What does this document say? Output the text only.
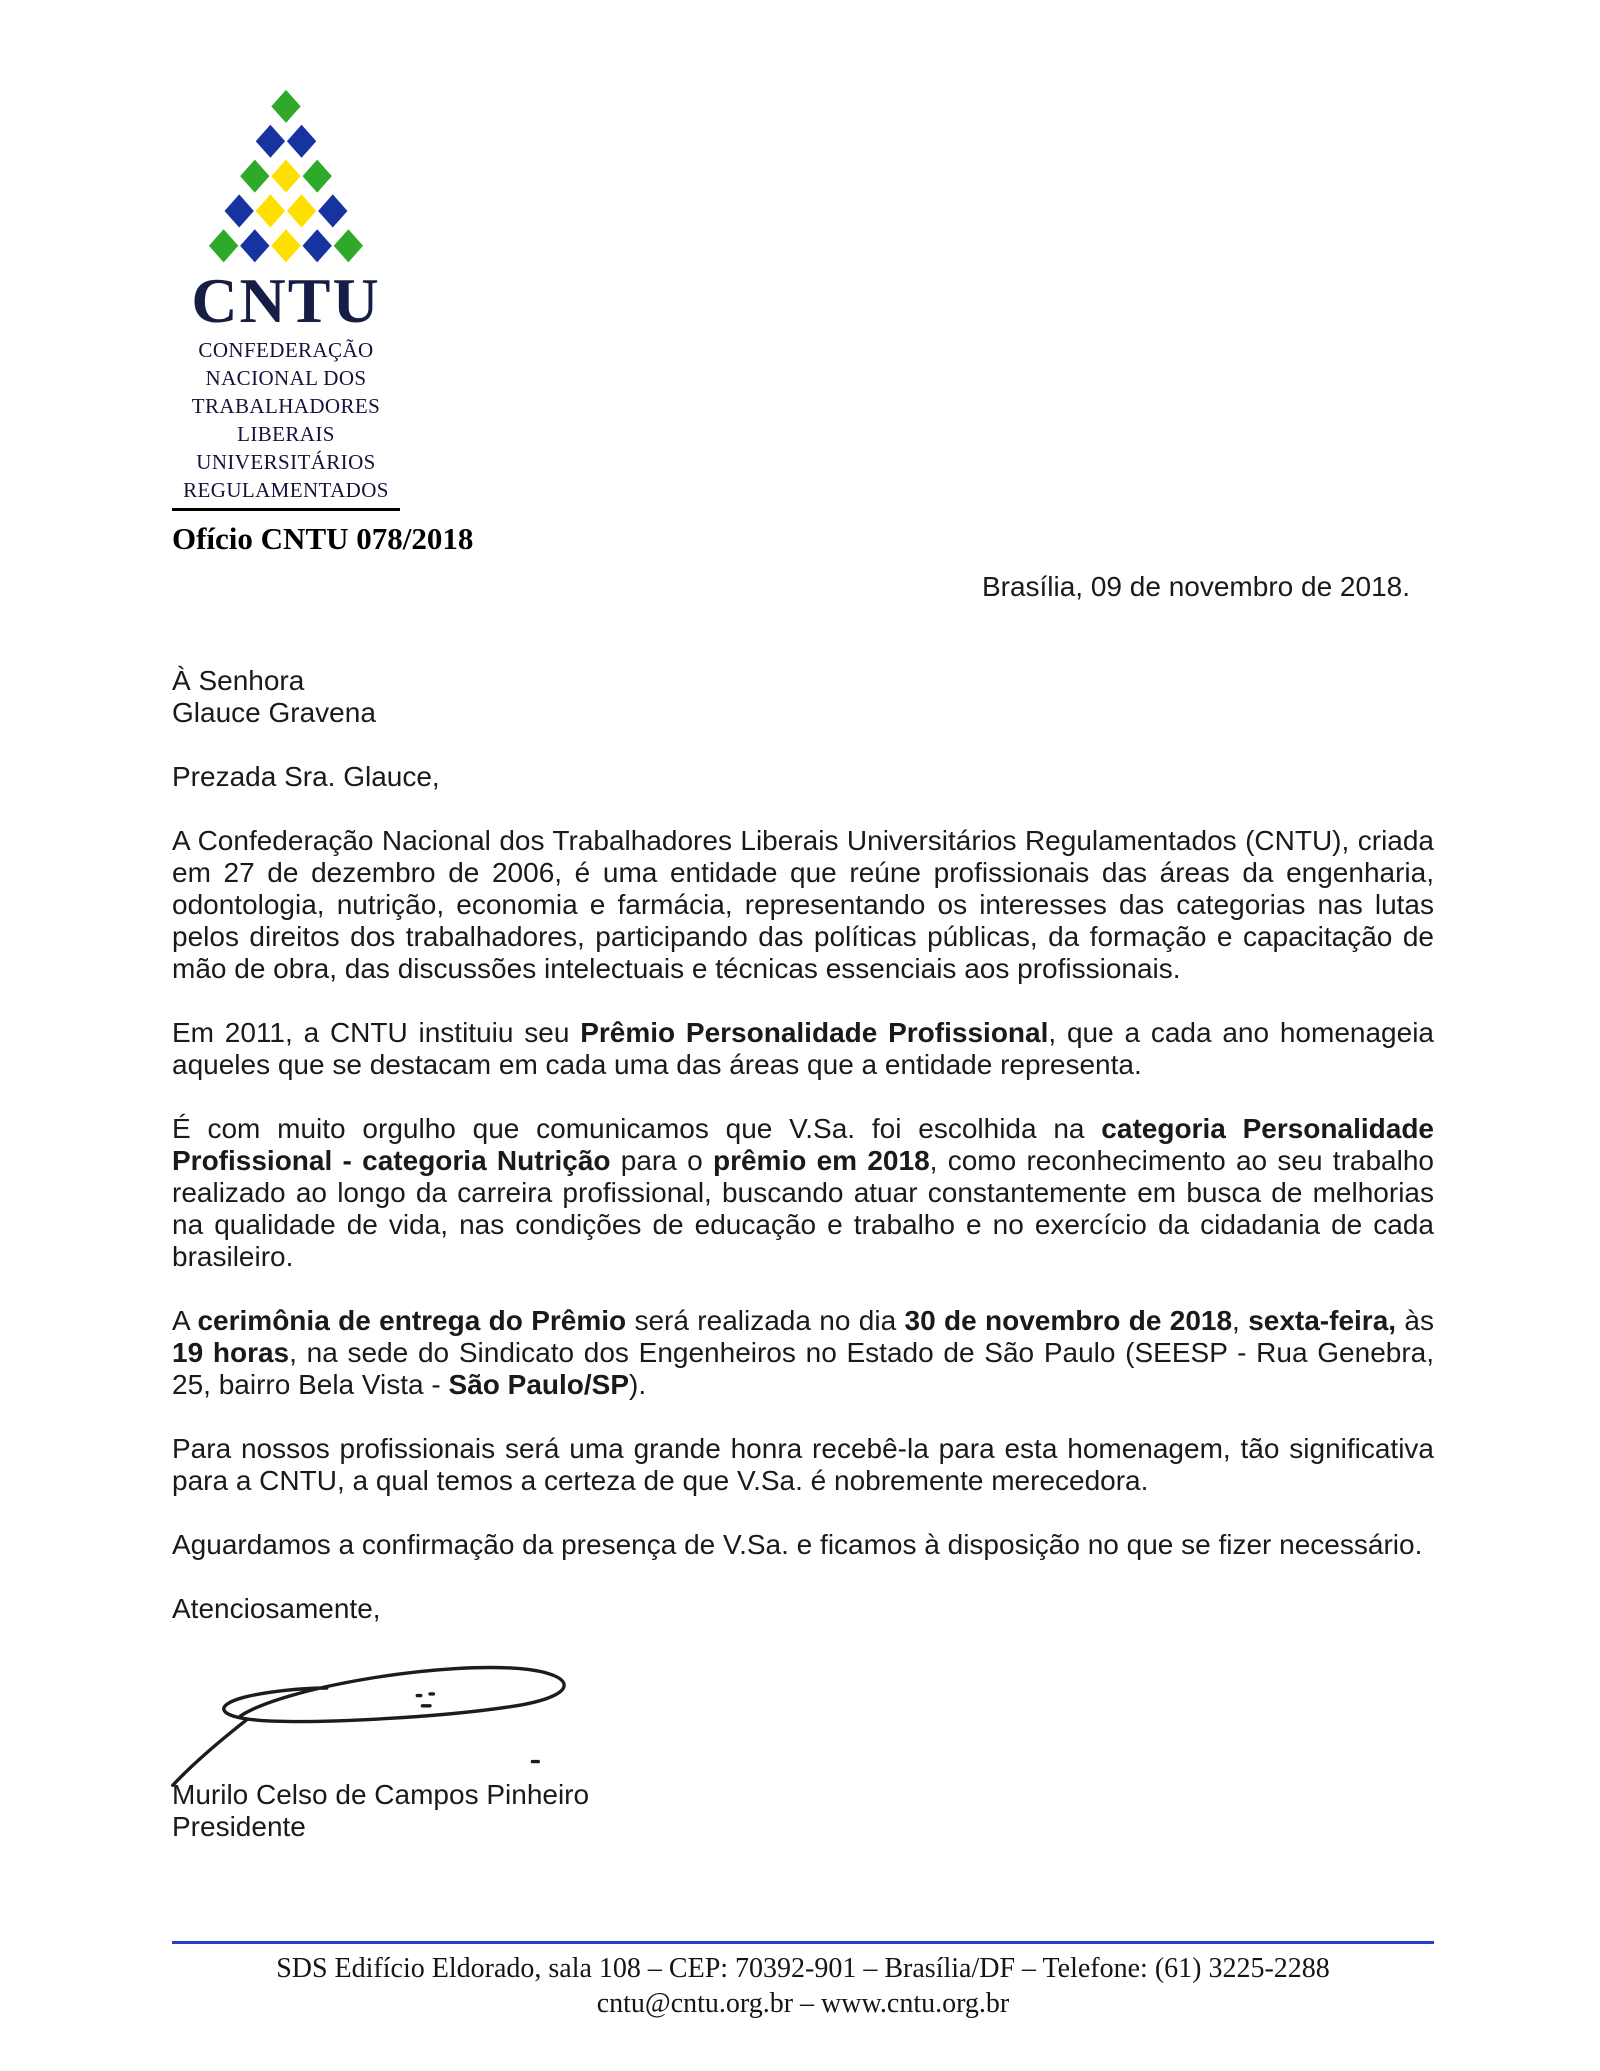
CNTU
CONFEDERAÇÃO
NACIONAL DOS
TRABALHADORES
LIBERAIS
UNIVERSITÁRIOS
REGULAMENTADOS
Ofício CNTU 078/2018
Brasília, 09 de novembro de 2018.
À Senhora
Glauce Gravena

Prezada Sra. Glauce,

A Confederação Nacional dos Trabalhadores Liberais Universitários Regulamentados (CNTU), criada em 27 de dezembro de 2006, é uma entidade que reúne profissionais das áreas da engenharia, odontologia, nutrição, economia e farmácia, representando os interesses das categorias nas lutas pelos direitos dos trabalhadores, participando das políticas públicas, da formação e capacitação de mão de obra, das discussões intelectuais e técnicas essenciais aos profissionais.

Em 2011, a CNTU instituiu seu Prêmio Personalidade Profissional, que a cada ano homenageia aqueles que se destacam em cada uma das áreas que a entidade representa.

É com muito orgulho que comunicamos que V.Sa. foi escolhida na categoria Personalidade Profissional - categoria Nutrição para o prêmio em 2018, como reconhecimento ao seu trabalho realizado ao longo da carreira profissional, buscando atuar constantemente em busca de melhorias na qualidade de vida, nas condições de educação e trabalho e no exercício da cidadania de cada brasileiro.

A cerimônia de entrega do Prêmio será realizada no dia 30 de novembro de 2018, sexta-feira, às 19 horas, na sede do Sindicato dos Engenheiros no Estado de São Paulo (SEESP - Rua Genebra, 25, bairro Bela Vista - São Paulo/SP).

Para nossos profissionais será uma grande honra recebê-la para esta homenagem, tão significativa para a CNTU, a qual temos a certeza de que V.Sa. é nobremente merecedora.

Aguardamos a confirmação da presença de V.Sa. e ficamos à disposição no que se fizer necessário.

Atenciosamente,

Murilo Celso de Campos Pinheiro
Presidente
SDS Edifício Eldorado, sala 108 – CEP: 70392-901 – Brasília/DF – Telefone: (61) 3225-2288
cntu@cntu.org.br – www.cntu.org.br
